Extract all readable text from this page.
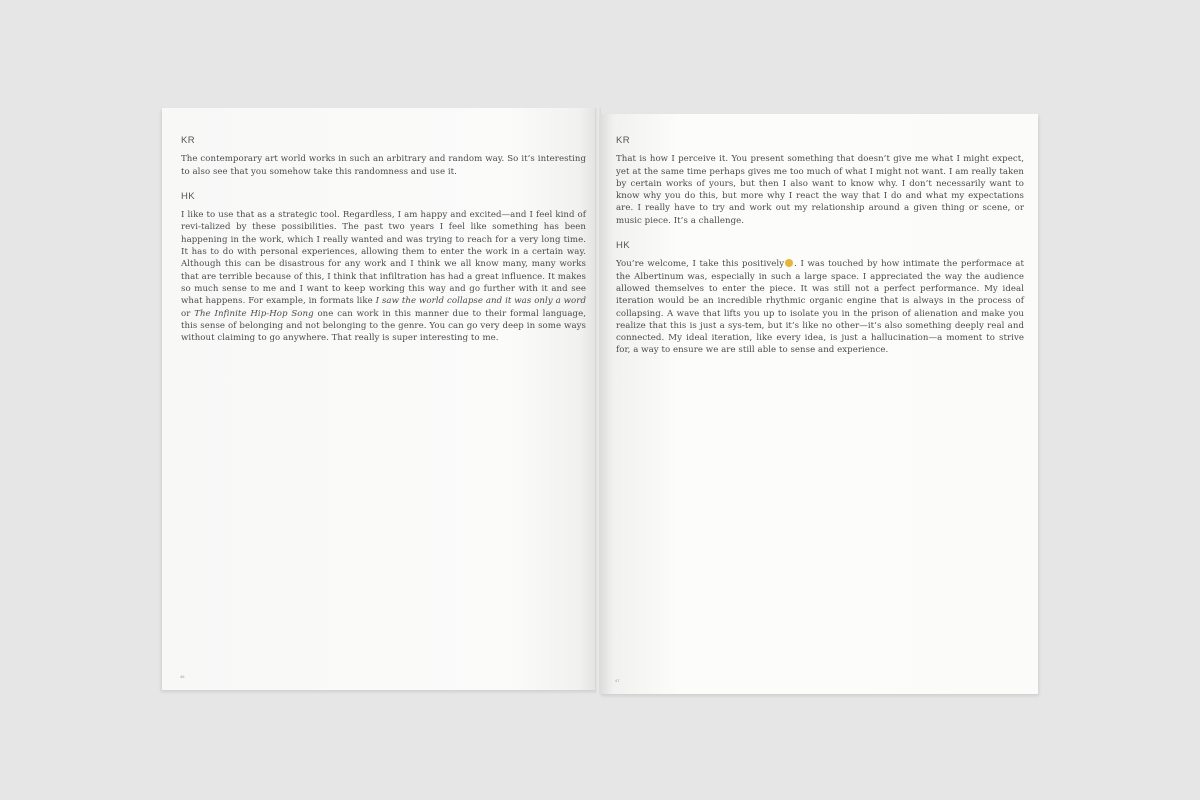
KR

The contemporary art world works in such an arbitrary and random way. So it’s interesting to also see that you somehow take this randomness and use it.

HK

I like to use that as a strategic tool. Regardless, I am happy and excited—and I feel kind of revi-talized by these possibilities. The past two years I feel like something has been happening in the work, which I really wanted and was trying to reach for a very long time. It has to do with personal experiences, allowing them to enter the work in a certain way. Although this can be disastrous for any work and I think we all know many, many works that are terrible because of this, I think that infiltration has had a great influence. It makes so much sense to me and I want to keep working this way and go further with it and see what happens. For example, in formats like I saw the world collapse and it was only a word or The Infinite Hip-Hop Song one can work in this manner due to their formal language, this sense of belonging and not belonging to the genre. You can go very deep in some ways without claiming to go anywhere. That really is super interesting to me.

46
KR

That is how I perceive it. You present something that doesn’t give me what I might expect, yet at the same time perhaps gives me too much of what I might not want. I am really taken by certain works of yours, but then I also want to know why. I don’t necessarily want to know why you do this, but more why I react the way that I do and what my expectations are. I really have to try and work out my relationship around a given thing or scene, or music piece. It’s a challenge.

HK

You’re welcome, I take this positively . I was touched by how intimate the performace at the Albertinum was, especially in such a large space. I appreciated the way the audience allowed themselves to enter the piece. It was still not a perfect performance. My ideal iteration would be an incredible rhythmic organic engine that is always in the process of collapsing. A wave that lifts you up to isolate you in the prison of alienation and make you realize that this is just a sys-tem, but it’s like no other—it’s also something deeply real and connected. My ideal iteration, like every idea, is just a hallucination—a moment to strive for, a way to ensure we are still able to sense and experience.

47
